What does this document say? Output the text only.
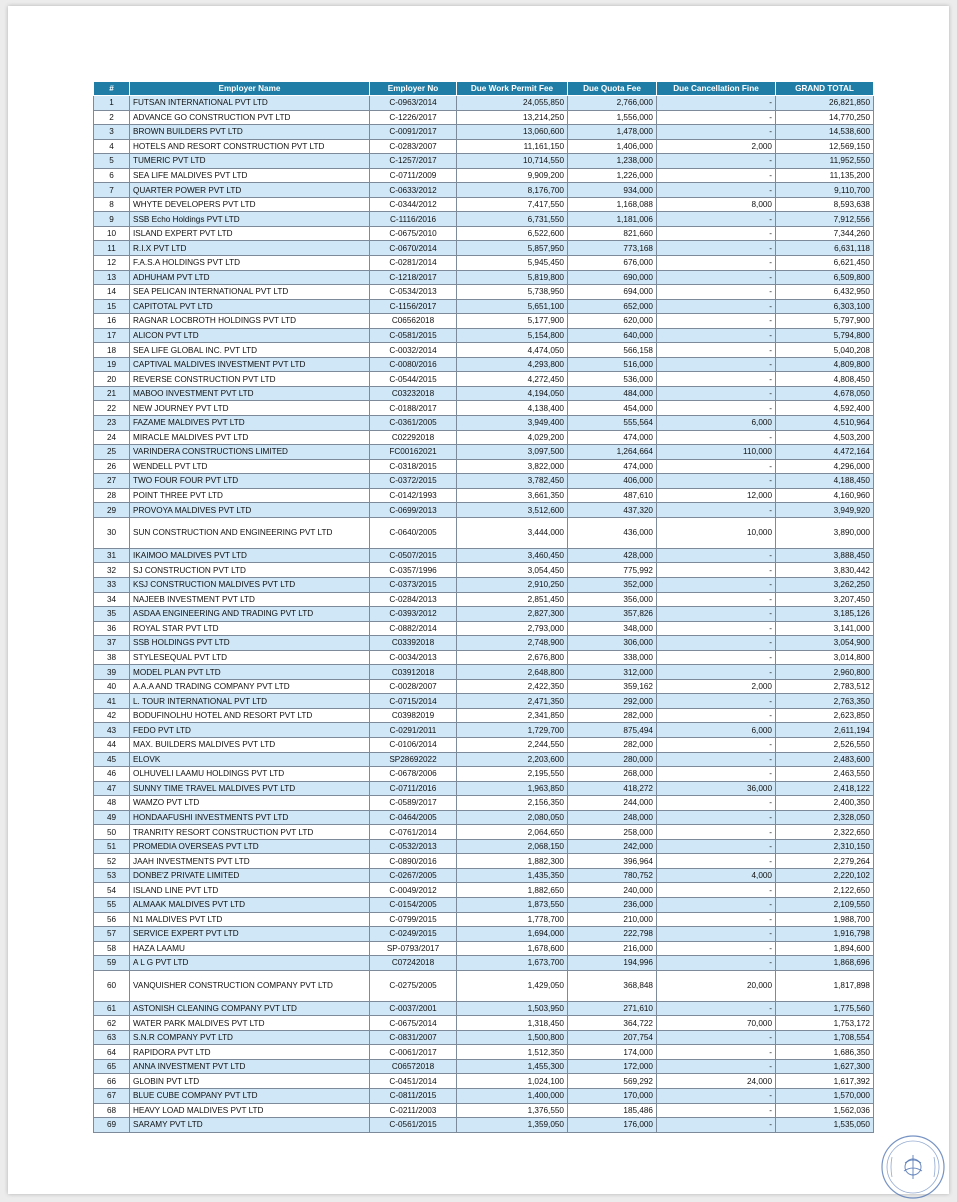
#	Employer Name	Employer No	Due Work Permit Fee	Due Quota Fee	Due Cancellation Fine	GRAND TOTAL
1	FUTSAN INTERNATIONAL PVT LTD	C-0963/2014	24,055,850	2,766,000	-	26,821,850
2	ADVANCE GO CONSTRUCTION PVT LTD	C-1226/2017	13,214,250	1,556,000	-	14,770,250
3	BROWN BUILDERS PVT LTD	C-0091/2017	13,060,600	1,478,000	-	14,538,600
4	HOTELS AND RESORT CONSTRUCTION PVT LTD	C-0283/2007	11,161,150	1,406,000	2,000	12,569,150
5	TUMERIC PVT LTD	C-1257/2017	10,714,550	1,238,000	-	11,952,550
6	SEA LIFE MALDIVES PVT LTD	C-0711/2009	9,909,200	1,226,000	-	11,135,200
7	QUARTER POWER PVT LTD	C-0633/2012	8,176,700	934,000	-	9,110,700
8	WHYTE DEVELOPERS PVT LTD	C-0344/2012	7,417,550	1,168,088	8,000	8,593,638
9	SSB Echo Holdings PVT LTD	C-1116/2016	6,731,550	1,181,006	-	7,912,556
10	ISLAND EXPERT PVT LTD	C-0675/2010	6,522,600	821,660	-	7,344,260
11	R.I.X PVT LTD	C-0670/2014	5,857,950	773,168	-	6,631,118
12	F.A.S.A HOLDINGS PVT LTD	C-0281/2014	5,945,450	676,000	-	6,621,450
13	ADHUHAM PVT LTD	C-1218/2017	5,819,800	690,000	-	6,509,800
14	SEA PELICAN INTERNATIONAL PVT LTD	C-0534/2013	5,738,950	694,000	-	6,432,950
15	CAPITOTAL PVT LTD	C-1156/2017	5,651,100	652,000	-	6,303,100
16	RAGNAR LOCBROTH HOLDINGS PVT LTD	C06562018	5,177,900	620,000	-	5,797,900
17	ALICON PVT LTD	C-0581/2015	5,154,800	640,000	-	5,794,800
18	SEA LIFE GLOBAL INC. PVT LTD	C-0032/2014	4,474,050	566,158	-	5,040,208
19	CAPTIVAL MALDIVES INVESTMENT PVT LTD	C-0080/2016	4,293,800	516,000	-	4,809,800
20	REVERSE CONSTRUCTION PVT LTD	C-0544/2015	4,272,450	536,000	-	4,808,450
21	MABOO INVESTMENT PVT LTD	C03232018	4,194,050	484,000	-	4,678,050
22	NEW JOURNEY PVT LTD	C-0188/2017	4,138,400	454,000	-	4,592,400
23	FAZAME MALDIVES PVT LTD	C-0361/2005	3,949,400	555,564	6,000	4,510,964
24	MIRACLE MALDIVES PVT LTD	C02292018	4,029,200	474,000	-	4,503,200
25	VARINDERA CONSTRUCTIONS LIMITED	FC00162021	3,097,500	1,264,664	110,000	4,472,164
26	WENDELL PVT LTD	C-0318/2015	3,822,000	474,000	-	4,296,000
27	TWO FOUR FOUR PVT LTD	C-0372/2015	3,782,450	406,000	-	4,188,450
28	POINT THREE PVT LTD	C-0142/1993	3,661,350	487,610	12,000	4,160,960
29	PROVOYA MALDIVES PVT LTD	C-0699/2013	3,512,600	437,320	-	3,949,920
30	SUN CONSTRUCTION AND ENGINEERING PVT LTD	C-0640/2005	3,444,000	436,000	10,000	3,890,000
31	IKAIMOO MALDIVES PVT LTD	C-0507/2015	3,460,450	428,000	-	3,888,450
32	SJ CONSTRUCTION PVT LTD	C-0357/1996	3,054,450	775,992	-	3,830,442
33	KSJ CONSTRUCTION MALDIVES PVT LTD	C-0373/2015	2,910,250	352,000	-	3,262,250
34	NAJEEB INVESTMENT PVT LTD	C-0284/2013	2,851,450	356,000	-	3,207,450
35	ASDAA ENGINEERING AND TRADING PVT LTD	C-0393/2012	2,827,300	357,826	-	3,185,126
36	ROYAL STAR PVT LTD	C-0882/2014	2,793,000	348,000	-	3,141,000
37	SSB HOLDINGS PVT LTD	C03392018	2,748,900	306,000	-	3,054,900
38	STYLESEQUAL PVT LTD	C-0034/2013	2,676,800	338,000	-	3,014,800
39	MODEL PLAN PVT LTD	C03912018	2,648,800	312,000	-	2,960,800
40	A.A.A AND TRADING COMPANY PVT LTD	C-0028/2007	2,422,350	359,162	2,000	2,783,512
41	L. TOUR INTERNATIONAL PVT LTD	C-0715/2014	2,471,350	292,000	-	2,763,350
42	BODUFINOLHU HOTEL AND RESORT PVT LTD	C03982019	2,341,850	282,000	-	2,623,850
43	FEDO PVT LTD	C-0291/2011	1,729,700	875,494	6,000	2,611,194
44	MAX. BUILDERS MALDIVES PVT LTD	C-0106/2014	2,244,550	282,000	-	2,526,550
45	ELOVK	SP28692022	2,203,600	280,000	-	2,483,600
46	OLHUVELI LAAMU HOLDINGS PVT LTD	C-0678/2006	2,195,550	268,000	-	2,463,550
47	SUNNY TIME TRAVEL MALDIVES PVT LTD	C-0711/2016	1,963,850	418,272	36,000	2,418,122
48	WAMZO PVT LTD	C-0589/2017	2,156,350	244,000	-	2,400,350
49	HONDAAFUSHI INVESTMENTS PVT LTD	C-0464/2005	2,080,050	248,000	-	2,328,050
50	TRANRITY RESORT CONSTRUCTION PVT LTD	C-0761/2014	2,064,650	258,000	-	2,322,650
51	PROMEDIA OVERSEAS PVT LTD	C-0532/2013	2,068,150	242,000	-	2,310,150
52	JAAH INVESTMENTS PVT LTD	C-0890/2016	1,882,300	396,964	-	2,279,264
53	DONBE'Z PRIVATE LIMITED	C-0267/2005	1,435,350	780,752	4,000	2,220,102
54	ISLAND LINE PVT LTD	C-0049/2012	1,882,650	240,000	-	2,122,650
55	ALMAAK MALDIVES PVT LTD	C-0154/2005	1,873,550	236,000	-	2,109,550
56	N1 MALDIVES PVT LTD	C-0799/2015	1,778,700	210,000	-	1,988,700
57	SERVICE EXPERT PVT LTD	C-0249/2015	1,694,000	222,798	-	1,916,798
58	HAZA LAAMU	SP-0793/2017	1,678,600	216,000	-	1,894,600
59	A L G PVT LTD	C07242018	1,673,700	194,996	-	1,868,696
60	VANQUISHER CONSTRUCTION COMPANY PVT LTD	C-0275/2005	1,429,050	368,848	20,000	1,817,898
61	ASTONISH CLEANING COMPANY PVT LTD	C-0037/2001	1,503,950	271,610	-	1,775,560
62	WATER PARK MALDIVES PVT LTD	C-0675/2014	1,318,450	364,722	70,000	1,753,172
63	S.N.R COMPANY PVT LTD	C-0831/2007	1,500,800	207,754	-	1,708,554
64	RAPIDORA PVT LTD	C-0061/2017	1,512,350	174,000	-	1,686,350
65	ANNA INVESTMENT PVT LTD	C06572018	1,455,300	172,000	-	1,627,300
66	GLOBIN PVT LTD	C-0451/2014	1,024,100	569,292	24,000	1,617,392
67	BLUE CUBE COMPANY PVT LTD	C-0811/2015	1,400,000	170,000	-	1,570,000
68	HEAVY LOAD MALDIVES PVT LTD	C-0211/2003	1,376,550	185,486	-	1,562,036
69	SARAMY PVT LTD	C-0561/2015	1,359,050	176,000	-	1,535,050
